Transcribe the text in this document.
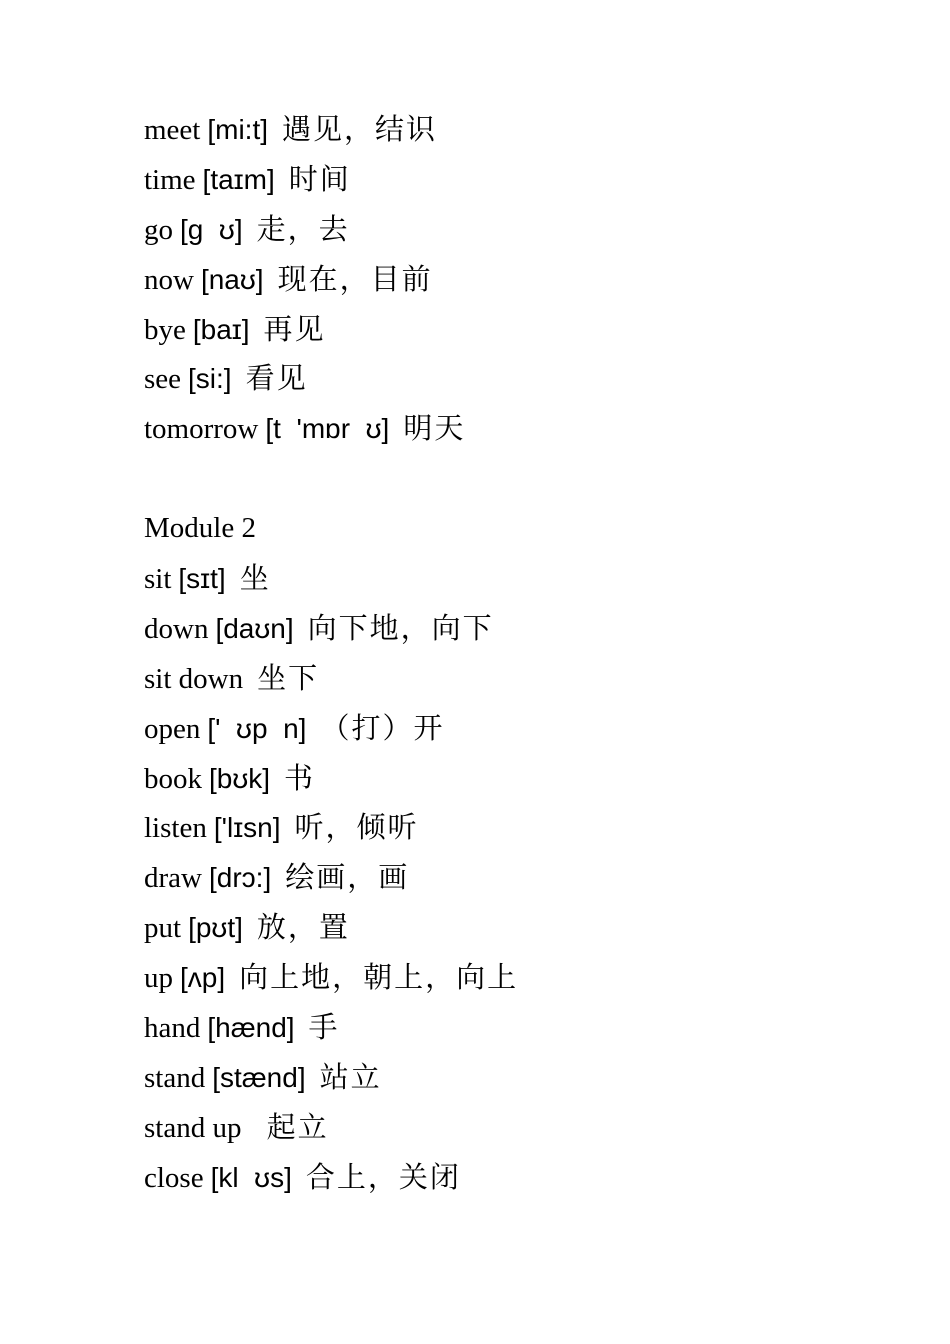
meet [mi:t] 遇见，结识
time [taɪm] 时间
go [g  ʊ] 走，去
now [naʊ] 现在，目前
bye [baɪ] 再见
see [si:] 看见
tomorrow [t  'mɒr  ʊ] 明天
Module 2
sit [sɪt] 坐
down [daʊn] 向下地，向下
sit down 坐下
open ['  ʊp  n] （打）开
book [bʊk] 书
listen ['lɪsn] 听，倾听
draw [drɔ:] 绘画，画
put [pʊt] 放，置
up [ʌp] 向上地，朝上，向上
hand [hænd] 手
stand [stænd] 站立
stand up   起立
close [kl  ʊs] 合上，关闭
